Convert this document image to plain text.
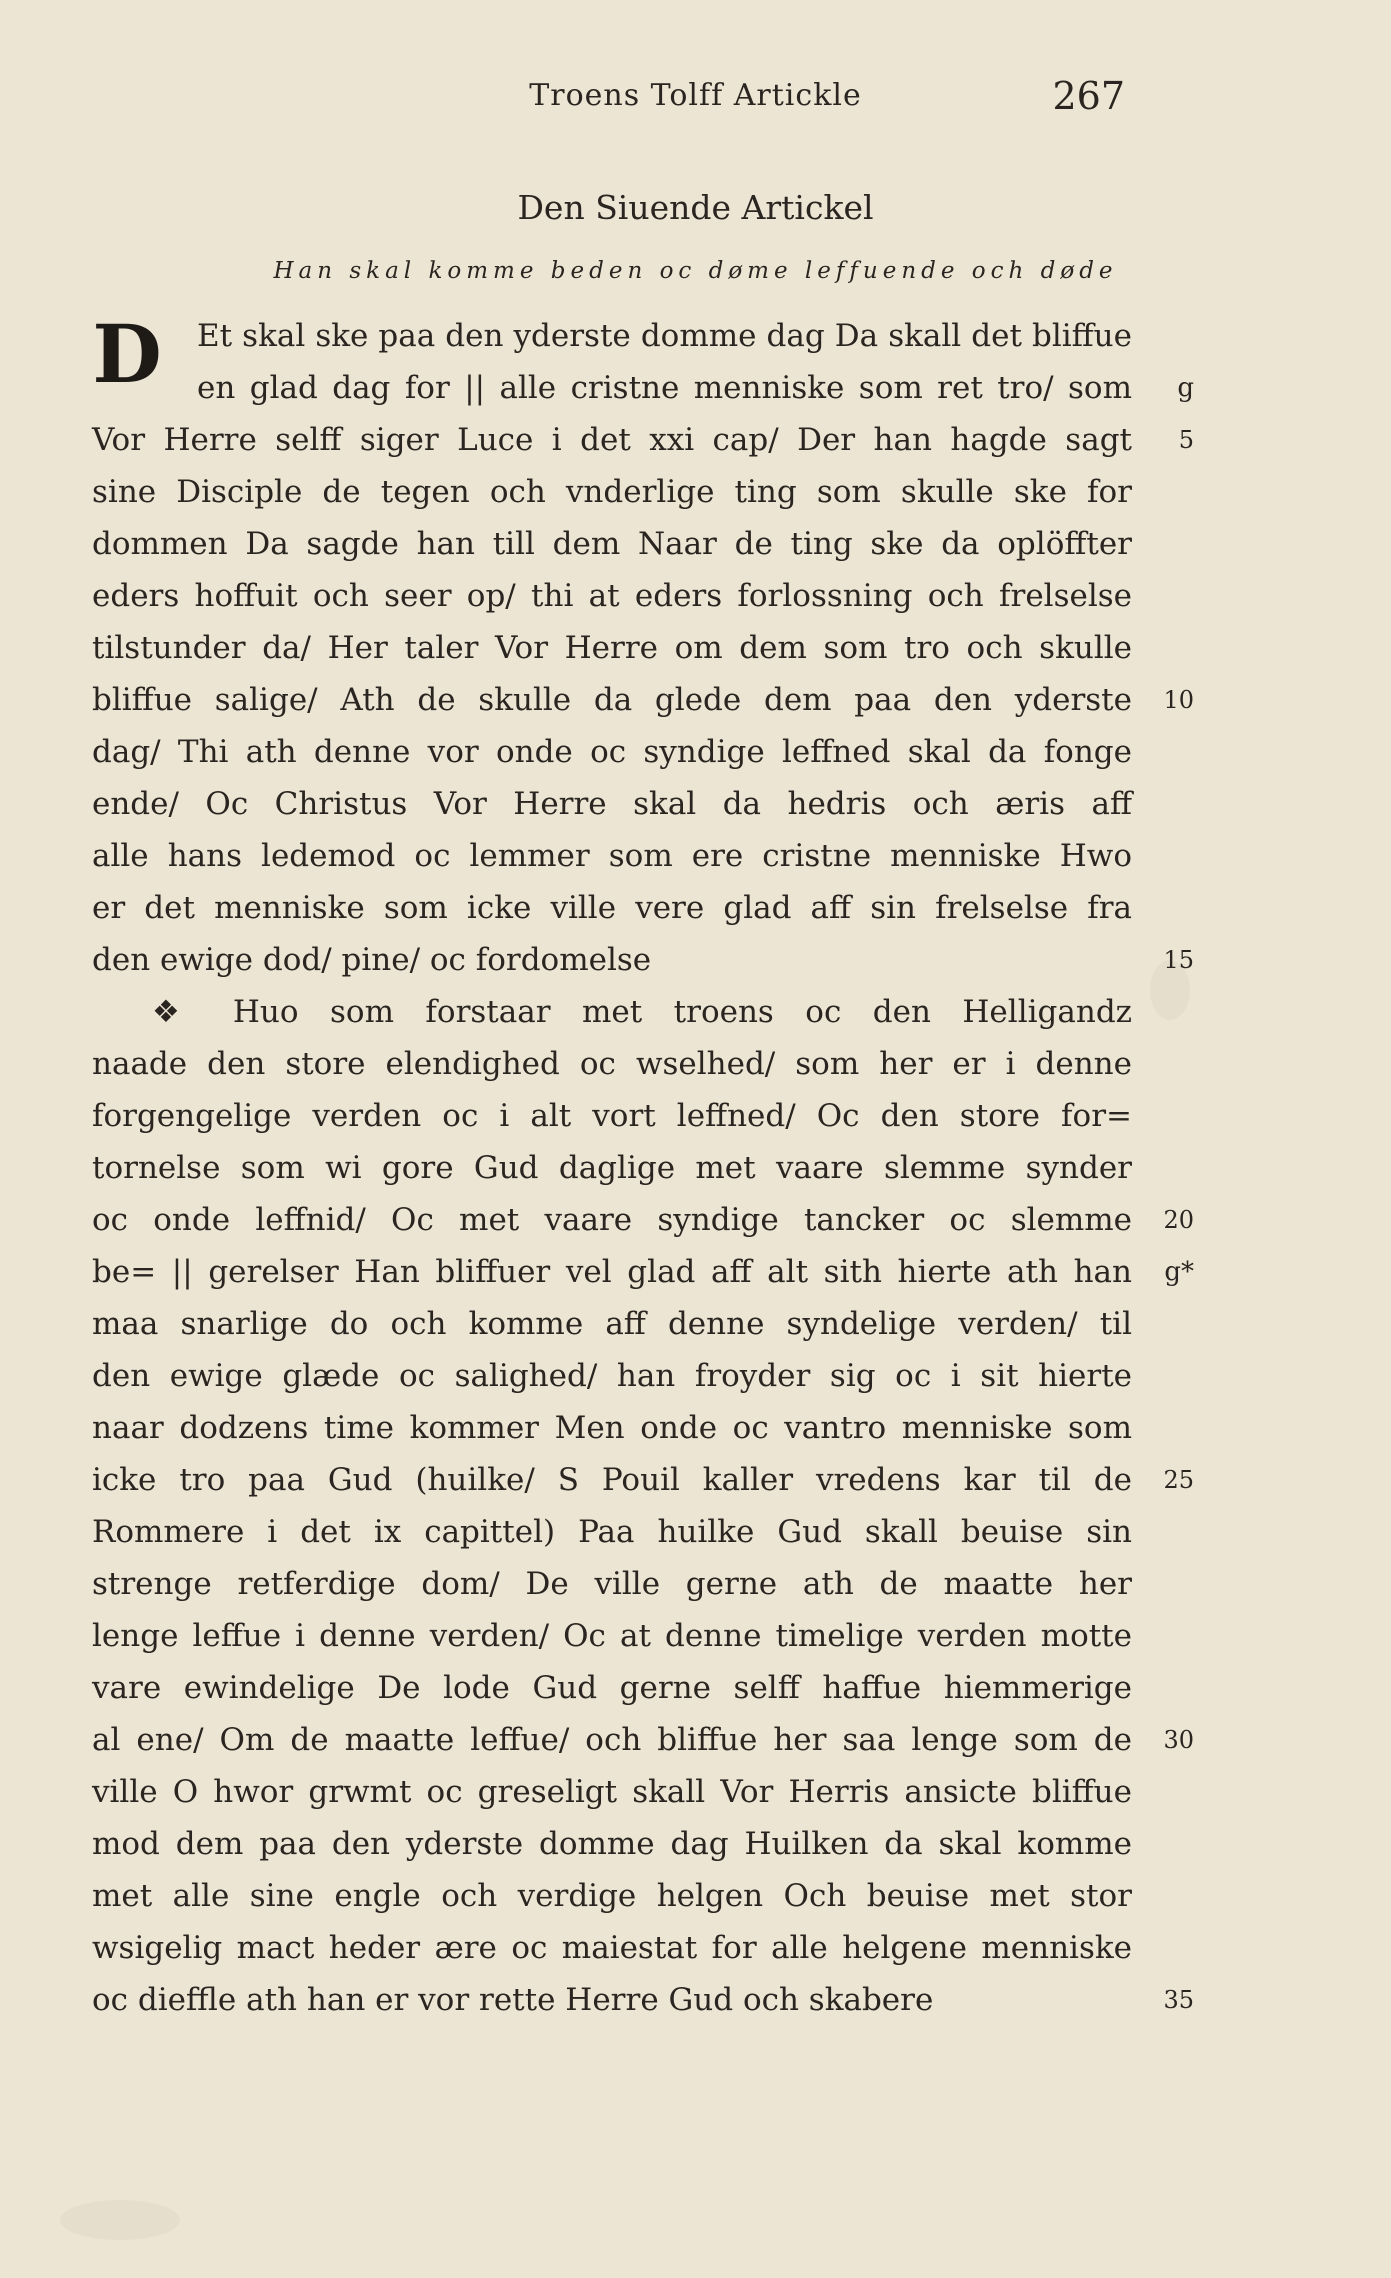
Troens Tolff Artickle	267
Den Siuende Artickel
Han skal komme beden oc døme leffuende och døde
D	Et skal ske paa den yderste domme dag Da skall det bliffue
en glad dag for || alle cristne menniske som ret tro/ som	g
Vor Herre selff siger Luce i det xxi cap/ Der han hagde sagt	5
sine Disciple de tegen och vnderlige ting som skulle ske for
dommen Da sagde han till dem Naar de ting ske da oplöffter
eders hoffuit och seer op/ thi at eders forlossning och frelselse
tilstunder da/ Her taler Vor Herre om dem som tro och skulle
bliffue salige/ Ath de skulle da glede dem paa den yderste	10
dag/ Thi ath denne vor onde oc syndige leffned skal da fonge
ende/ Oc Christus Vor Herre skal da hedris och æris aff
alle hans ledemod oc lemmer som ere cristne menniske Hwo
er det menniske som icke ville vere glad aff sin frelselse fra
den ewige dod/ pine/ oc fordomelse	15
❖ Huo som forstaar met troens oc den Helligandz
naade den store elendighed oc wselhed/ som her er i denne
forgengelige verden oc i alt vort leffned/ Oc den store for=
tornelse som wi gore Gud daglige met vaare slemme synder
oc onde leffnid/ Oc met vaare syndige tancker oc slemme	20
be= || gerelser Han bliffuer vel glad aff alt sith hierte ath han	g*
maa snarlige do och komme aff denne syndelige verden/ til
den ewige glæde oc salighed/ han froyder sig oc i sit hierte
naar dodzens time kommer Men onde oc vantro menniske som
icke tro paa Gud (huilke/ S Pouil kaller vredens kar til de	25
Rommere i det ix capittel) Paa huilke Gud skall beuise sin
strenge retferdige dom/ De ville gerne ath de maatte her
lenge leffue i denne verden/ Oc at denne timelige verden motte
vare ewindelige De lode Gud gerne selff haffue hiemmerige
al ene/ Om de maatte leffue/ och bliffue her saa lenge som de	30
ville O hwor grwmt oc greseligt skall Vor Herris ansicte bliffue
mod dem paa den yderste domme dag Huilken da skal komme
met alle sine engle och verdige helgen Och beuise met stor
wsigelig mact heder ære oc maiestat for alle helgene menniske
oc dieffle ath han er vor rette Herre Gud och skabere	35
